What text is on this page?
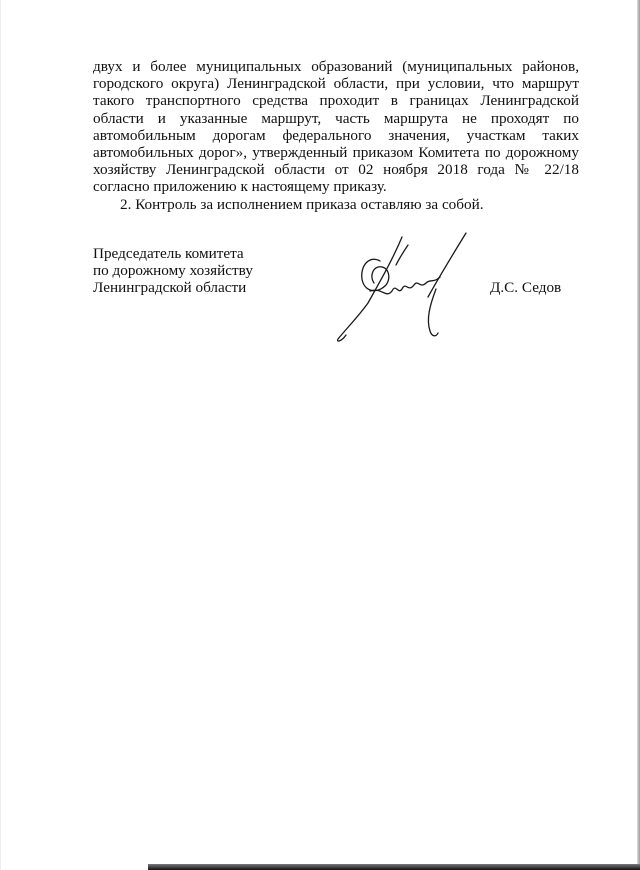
двух и более муниципальных образований (муниципальных районов, городского округа) Ленинградской области, при условии, что маршрут такого транспортного средства проходит в границах Ленинградской области и указанные маршрут, часть маршрута не проходят по автомобильным дорогам федерального значения, участкам таких автомобильных дорог», утвержденный приказом Комитета по дорожному хозяйству Ленинградской области от 02 ноября 2018 года № 22/18 согласно приложению к настоящему приказу.

2. Контроль за исполнением приказа оставляю за собой.

Председатель комитета
по дорожному хозяйству
Ленинградской области	Д.С. Седов
